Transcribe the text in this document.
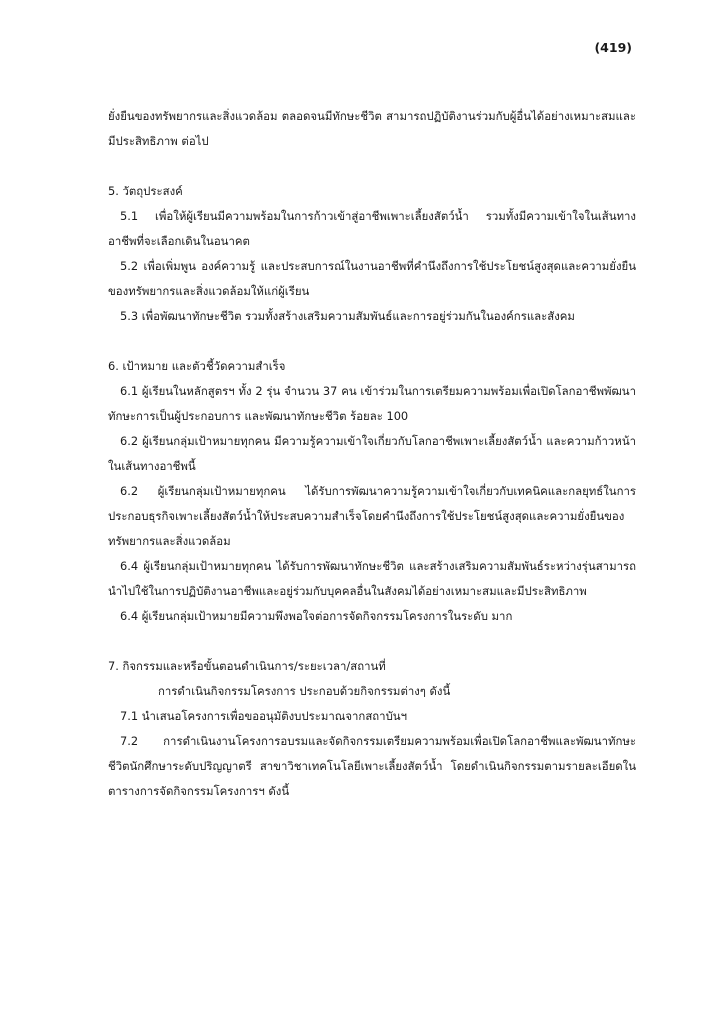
(419)

ยั่งยืนของทรัพยากรและสิ่งแวดล้อม ตลอดจนมีทักษะชีวิต สามารถปฏิบัติงานร่วมกับผู้อื่นได้อย่างเหมาะสมและมีประสิทธิภาพ ต่อไป

5. วัตถุประสงค์

5.1 เพื่อให้ผู้เรียนมีความพร้อมในการก้าวเข้าสู่อาชีพเพาะเลี้ยงสัตว์น้ำ รวมทั้งมีความเข้าใจในเส้นทางอาชีพที่จะเลือกเดินในอนาคต

5.2 เพื่อเพิ่มพูน องค์ความรู้ และประสบการณ์ในงานอาชีพที่คำนึงถึงการใช้ประโยชน์สูงสุดและความยั่งยืนของทรัพยากรและสิ่งแวดล้อมให้แก่ผู้เรียน

5.3 เพื่อพัฒนาทักษะชีวิต รวมทั้งสร้างเสริมความสัมพันธ์และการอยู่ร่วมกันในองค์กรและสังคม

6. เป้าหมาย และตัวชี้วัดความสำเร็จ

6.1 ผู้เรียนในหลักสูตรฯ ทั้ง 2 รุ่น จำนวน 37 คน เข้าร่วมในการเตรียมความพร้อมเพื่อเปิดโลกอาชีพพัฒนาทักษะการเป็นผู้ประกอบการ และพัฒนาทักษะชีวิต ร้อยละ 100

6.2 ผู้เรียนกลุ่มเป้าหมายทุกคน มีความรู้ความเข้าใจเกี่ยวกับโลกอาชีพเพาะเลี้ยงสัตว์น้ำ และความก้าวหน้าในเส้นทางอาชีพนี้

6.2 ผู้เรียนกลุ่มเป้าหมายทุกคน ได้รับการพัฒนาความรู้ความเข้าใจเกี่ยวกับเทคนิคและกลยุทธ์ในการประกอบธุรกิจเพาะเลี้ยงสัตว์น้ำให้ประสบความสำเร็จโดยคำนึงถึงการใช้ประโยชน์สูงสุดและความยั่งยืนของทรัพยากรและสิ่งแวดล้อม

6.4 ผู้เรียนกลุ่มเป้าหมายทุกคน ได้รับการพัฒนาทักษะชีวิต และสร้างเสริมความสัมพันธ์ระหว่างรุ่นสามารถนำไปใช้ในการปฏิบัติงานอาชีพและอยู่ร่วมกับบุคคลอื่นในสังคมได้อย่างเหมาะสมและมีประสิทธิภาพ

6.4 ผู้เรียนกลุ่มเป้าหมายมีความพึงพอใจต่อการจัดกิจกรรมโครงการในระดับ มาก

7. กิจกรรมและหรือขั้นตอนดำเนินการ/ระยะเวลา/สถานที่

การดำเนินกิจกรรมโครงการ ประกอบด้วยกิจกรรมต่างๆ ดังนี้

7.1 นำเสนอโครงการเพื่อขออนุมัติงบประมาณจากสถาบันฯ

7.2 การดำเนินงานโครงการอบรมและจัดกิจกรรมเตรียมความพร้อมเพื่อเปิดโลกอาชีพและพัฒนาทักษะชีวิตนักศึกษาระดับปริญญาตรี สาขาวิชาเทคโนโลยีเพาะเลี้ยงสัตว์น้ำ โดยดำเนินกิจกรรมตามรายละเอียดในตารางการจัดกิจกรรมโครงการฯ ดังนี้
